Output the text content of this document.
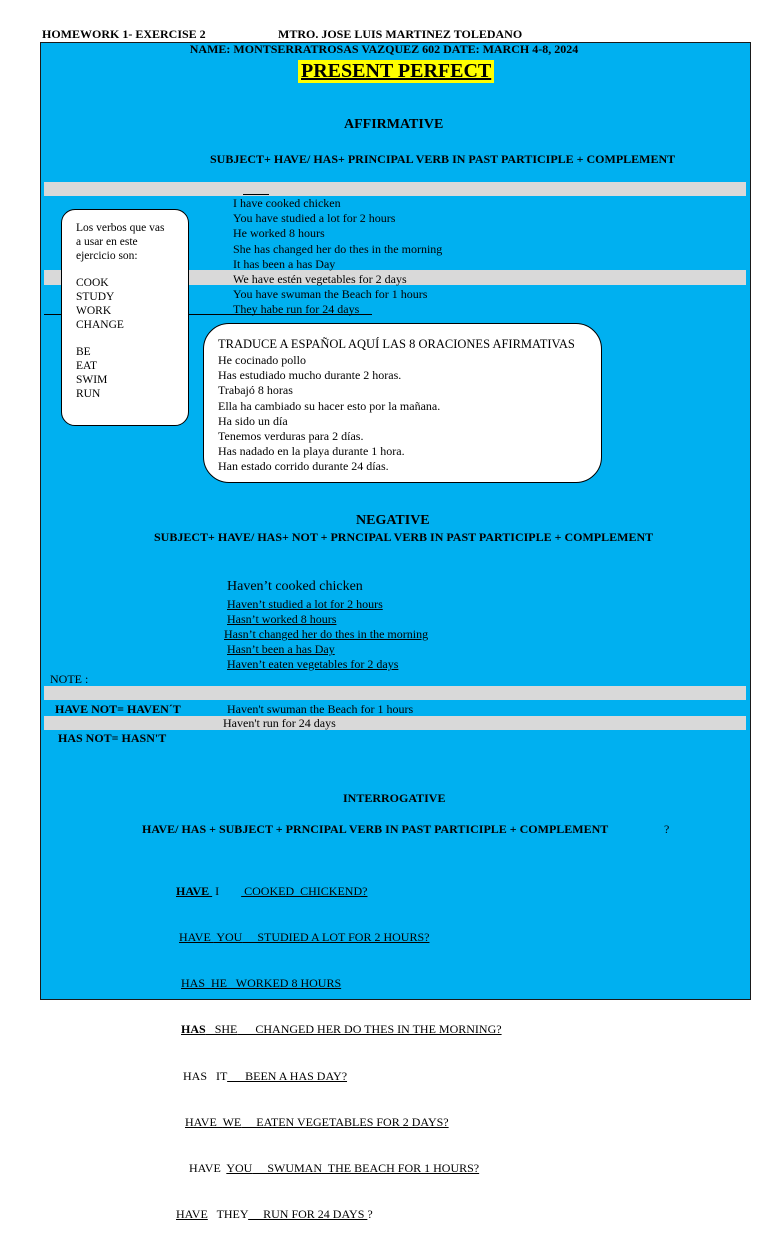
HOMEWORK 1- EXERCISE 2	MTRO. JOSE LUIS MARTINEZ TOLEDANO
NAME: MONTSERRATROSAS VAZQUEZ 602 DATE: MARCH 4-8, 2024
PRESENT PERFECT
AFFIRMATIVE
SUBJECT+ HAVE/ HAS+ PRINCIPAL VERB IN PAST PARTICIPLE + COMPLEMENT
I have cooked chicken
You have studied a lot for 2 hours
He worked 8 hours
She has changed her do thes in the morning
It has been a has Day
We have estén vegetables for 2 days
You have swuman the Beach for 1 hours
They habe run for 24 days
Los verbos que vas
a usar en este
ejercicio son:
COOK
STUDY
WORK
CHANGE
BE
EAT
SWIM
RUN
TRADUCE A ESPAÑOL AQUÍ LAS 8 ORACIONES AFIRMATIVAS
He cocinado pollo
Has estudiado mucho durante 2 horas.
Trabajó 8 horas
Ella ha cambiado su hacer esto por la mañana.
Ha sido un día
Tenemos verduras para 2 días.
Has nadado en la playa durante 1 hora.
Han estado corrido durante 24 días.
NEGATIVE
SUBJECT+ HAVE/ HAS+ NOT + PRNCIPAL VERB IN PAST PARTICIPLE + COMPLEMENT
Haven’t cooked chicken
Haven’t studied a lot for 2 hours
Hasn’t worked 8 hours
Hasn’t changed her do thes in the morning
Hasn’t been a has Day
Haven’t eaten vegetables for 2 days
NOTE :
HAVE NOT= HAVEN´T	Haven't swuman the Beach for 1 hours
Haven't run for 24 days
HAS NOT= HASN'T
INTERROGATIVE
HAVE/ HAS + SUBJECT + PRNCIPAL VERB IN PAST PARTICIPLE + COMPLEMENT	?

HAVE  I COOKED  CHICKEND?

HAVE  YOU     STUDIED A LOT FOR 2 HOURS?

HAS  HE   WORKED 8 HOURS

HAS   SHE      CHANGED HER DO THES IN THE MORNING?

HAS   IT      BEEN A HAS DAY?

HAVE  WE     EATEN VEGETABLES FOR 2 DAYS?

HAVE  YOU     SWUMAN  THE BEACH FOR 1 HOURS?

HAVE   THEY     RUN FOR 24 DAYS ?
